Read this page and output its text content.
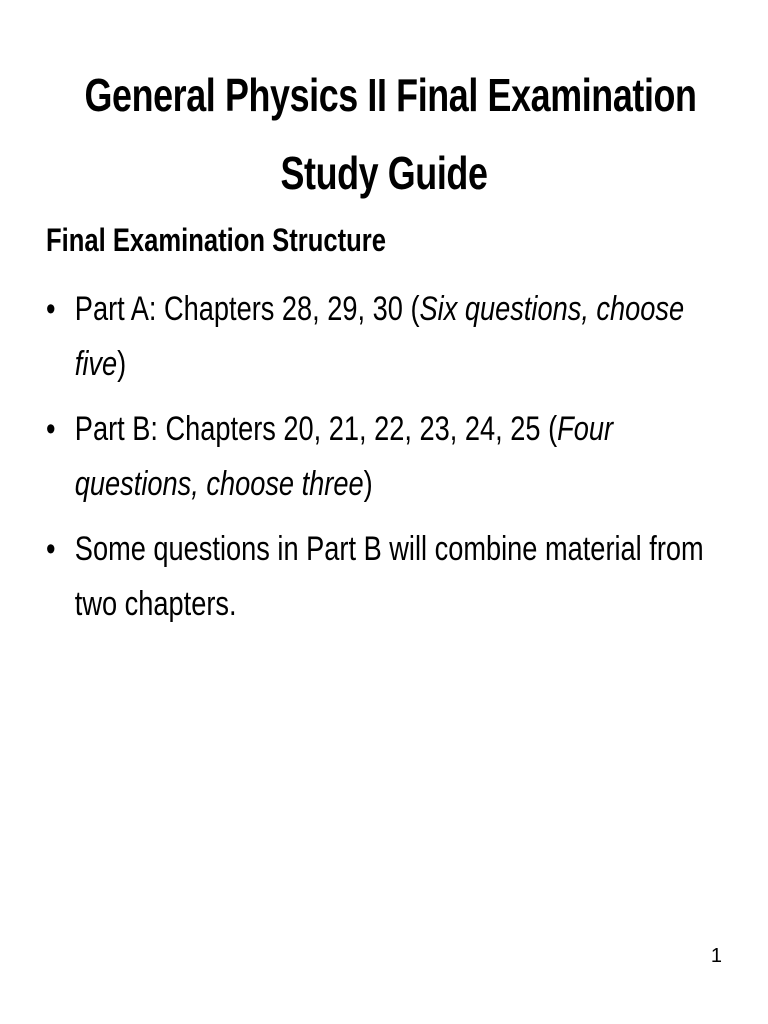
General Physics II Final Examination
Study Guide
Final Examination Structure
• Part A: Chapters 28, 29, 30 (Six questions, choose five)
• Part B: Chapters 20, 21, 22, 23, 24, 25 (Four questions, choose three)
• Some questions in Part B will combine material from two chapters.
1
